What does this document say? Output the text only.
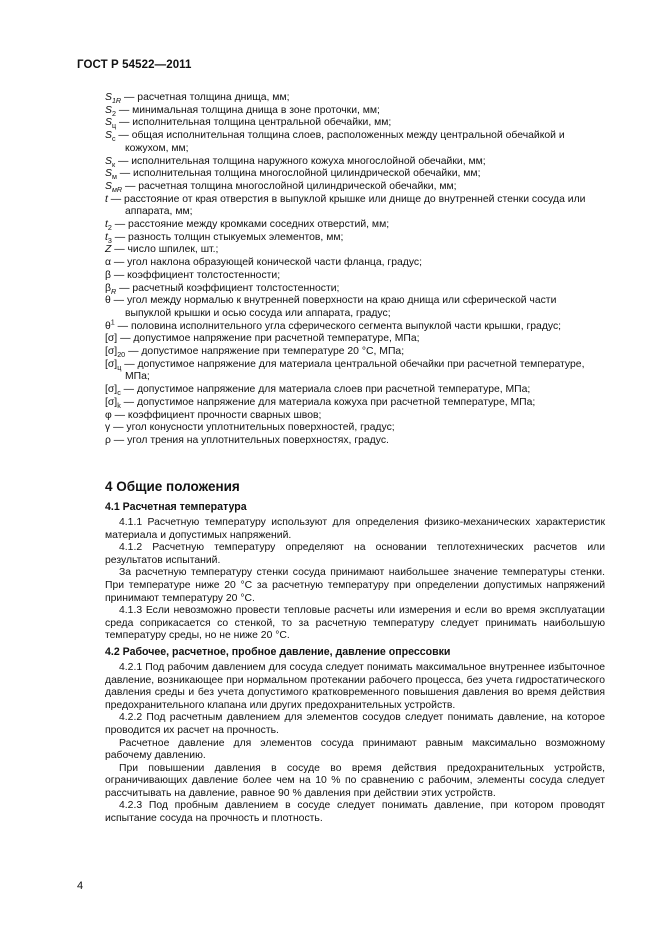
ГОСТ Р 54522—2011

$S_{1R}$ — расчетная толщина днища, мм;

$S_2$ — минимальная толщина днища в зоне проточки, мм;

$S_ц$ — исполнительная толщина центральной обечайки, мм;

$S_с$ — общая исполнительная толщина слоев, расположенных между центральной обечайкой и кожухом, мм;

$S_к$ — исполнительная толщина наружного кожуха многослойной обечайки, мм;

$S_м$ — исполнительная толщина многослойной цилиндрической обечайки, мм;

$S_{мR}$ — расчетная толщина многослойной цилиндрической обечайки, мм;

t — расстояние от края отверстия в выпуклой крышке или днище до внутренней стенки сосуда или аппарата, мм;

$t_2$ — расстояние между кромками соседних отверстий, мм;

$t_3$ — разность толщин стыкуемых элементов, мм;

Z — число шпилек, шт.;

α — угол наклона образующей конической части фланца, градус;

β — коэффициент толстостенности;

$\beta_R$ — расчетный коэффициент толстостенности;

θ — угол между нормалью к внутренней поверхности на краю днища или сферической части выпуклой крышки и осью сосуда или аппарата, градус;

$\theta^1$ — половина исполнительного угла сферического сегмента выпуклой части крышки, градус;

[σ] — допустимое напряжение при расчетной температуре, МПа;

$[\sigma]_{20}$ — допустимое напряжение при температуре 20 °С, МПа;

$[\sigma]_ц$ — допустимое напряжение для материала центральной обечайки при расчетной температуре, МПа;

$[\sigma]_с$ — допустимое напряжение для материала слоев при расчетной температуре, МПа;

$[\sigma]_k$ — допустимое напряжение для материала кожуха при расчетной температуре, МПа;

φ — коэффициент прочности сварных швов;

γ — угол конусности уплотнительных поверхностей, градус;

ρ — угол трения на уплотнительных поверхностях, градус.

4 Общие положения
4.1 Расчетная температура

4.1.1 Расчетную температуру используют для определения физико-механических характеристик материала и допустимых напряжений.

4.1.2 Расчетную температуру определяют на основании теплотехнических расчетов или результатов испытаний.

За расчетную температуру стенки сосуда принимают наибольшее значение температуры стенки. При температуре ниже 20 °С за расчетную температуру при определении допустимых напряжений принимают температуру 20 °С.

4.1.3 Если невозможно провести тепловые расчеты или измерения и если во время эксплуатации среда соприкасается со стенкой, то за расчетную температуру следует принимать наибольшую температуру среды, но не ниже 20 °С.

4.2 Рабочее, расчетное, пробное давление, давление опрессовки

4.2.1 Под рабочим давлением для сосуда следует понимать максимальное внутреннее избыточное давление, возникающее при нормальном протекании рабочего процесса, без учета гидростатического давления среды и без учета допустимого кратковременного повышения давления во время действия предохранительного клапана или других предохранительных устройств.

4.2.2 Под расчетным давлением для элементов сосудов следует понимать давление, на которое проводится их расчет на прочность.

Расчетное давление для элементов сосуда принимают равным максимально возможному рабочему давлению.

При повышении давления в сосуде во время действия предохранительных устройств, ограничивающих давление более чем на 10 % по сравнению с рабочим, элементы сосуда следует рассчитывать на давление, равное 90 % давления при действии этих устройств.

4.2.3 Под пробным давлением в сосуде следует понимать давление, при котором проводят испытание сосуда на прочность и плотность.

4
